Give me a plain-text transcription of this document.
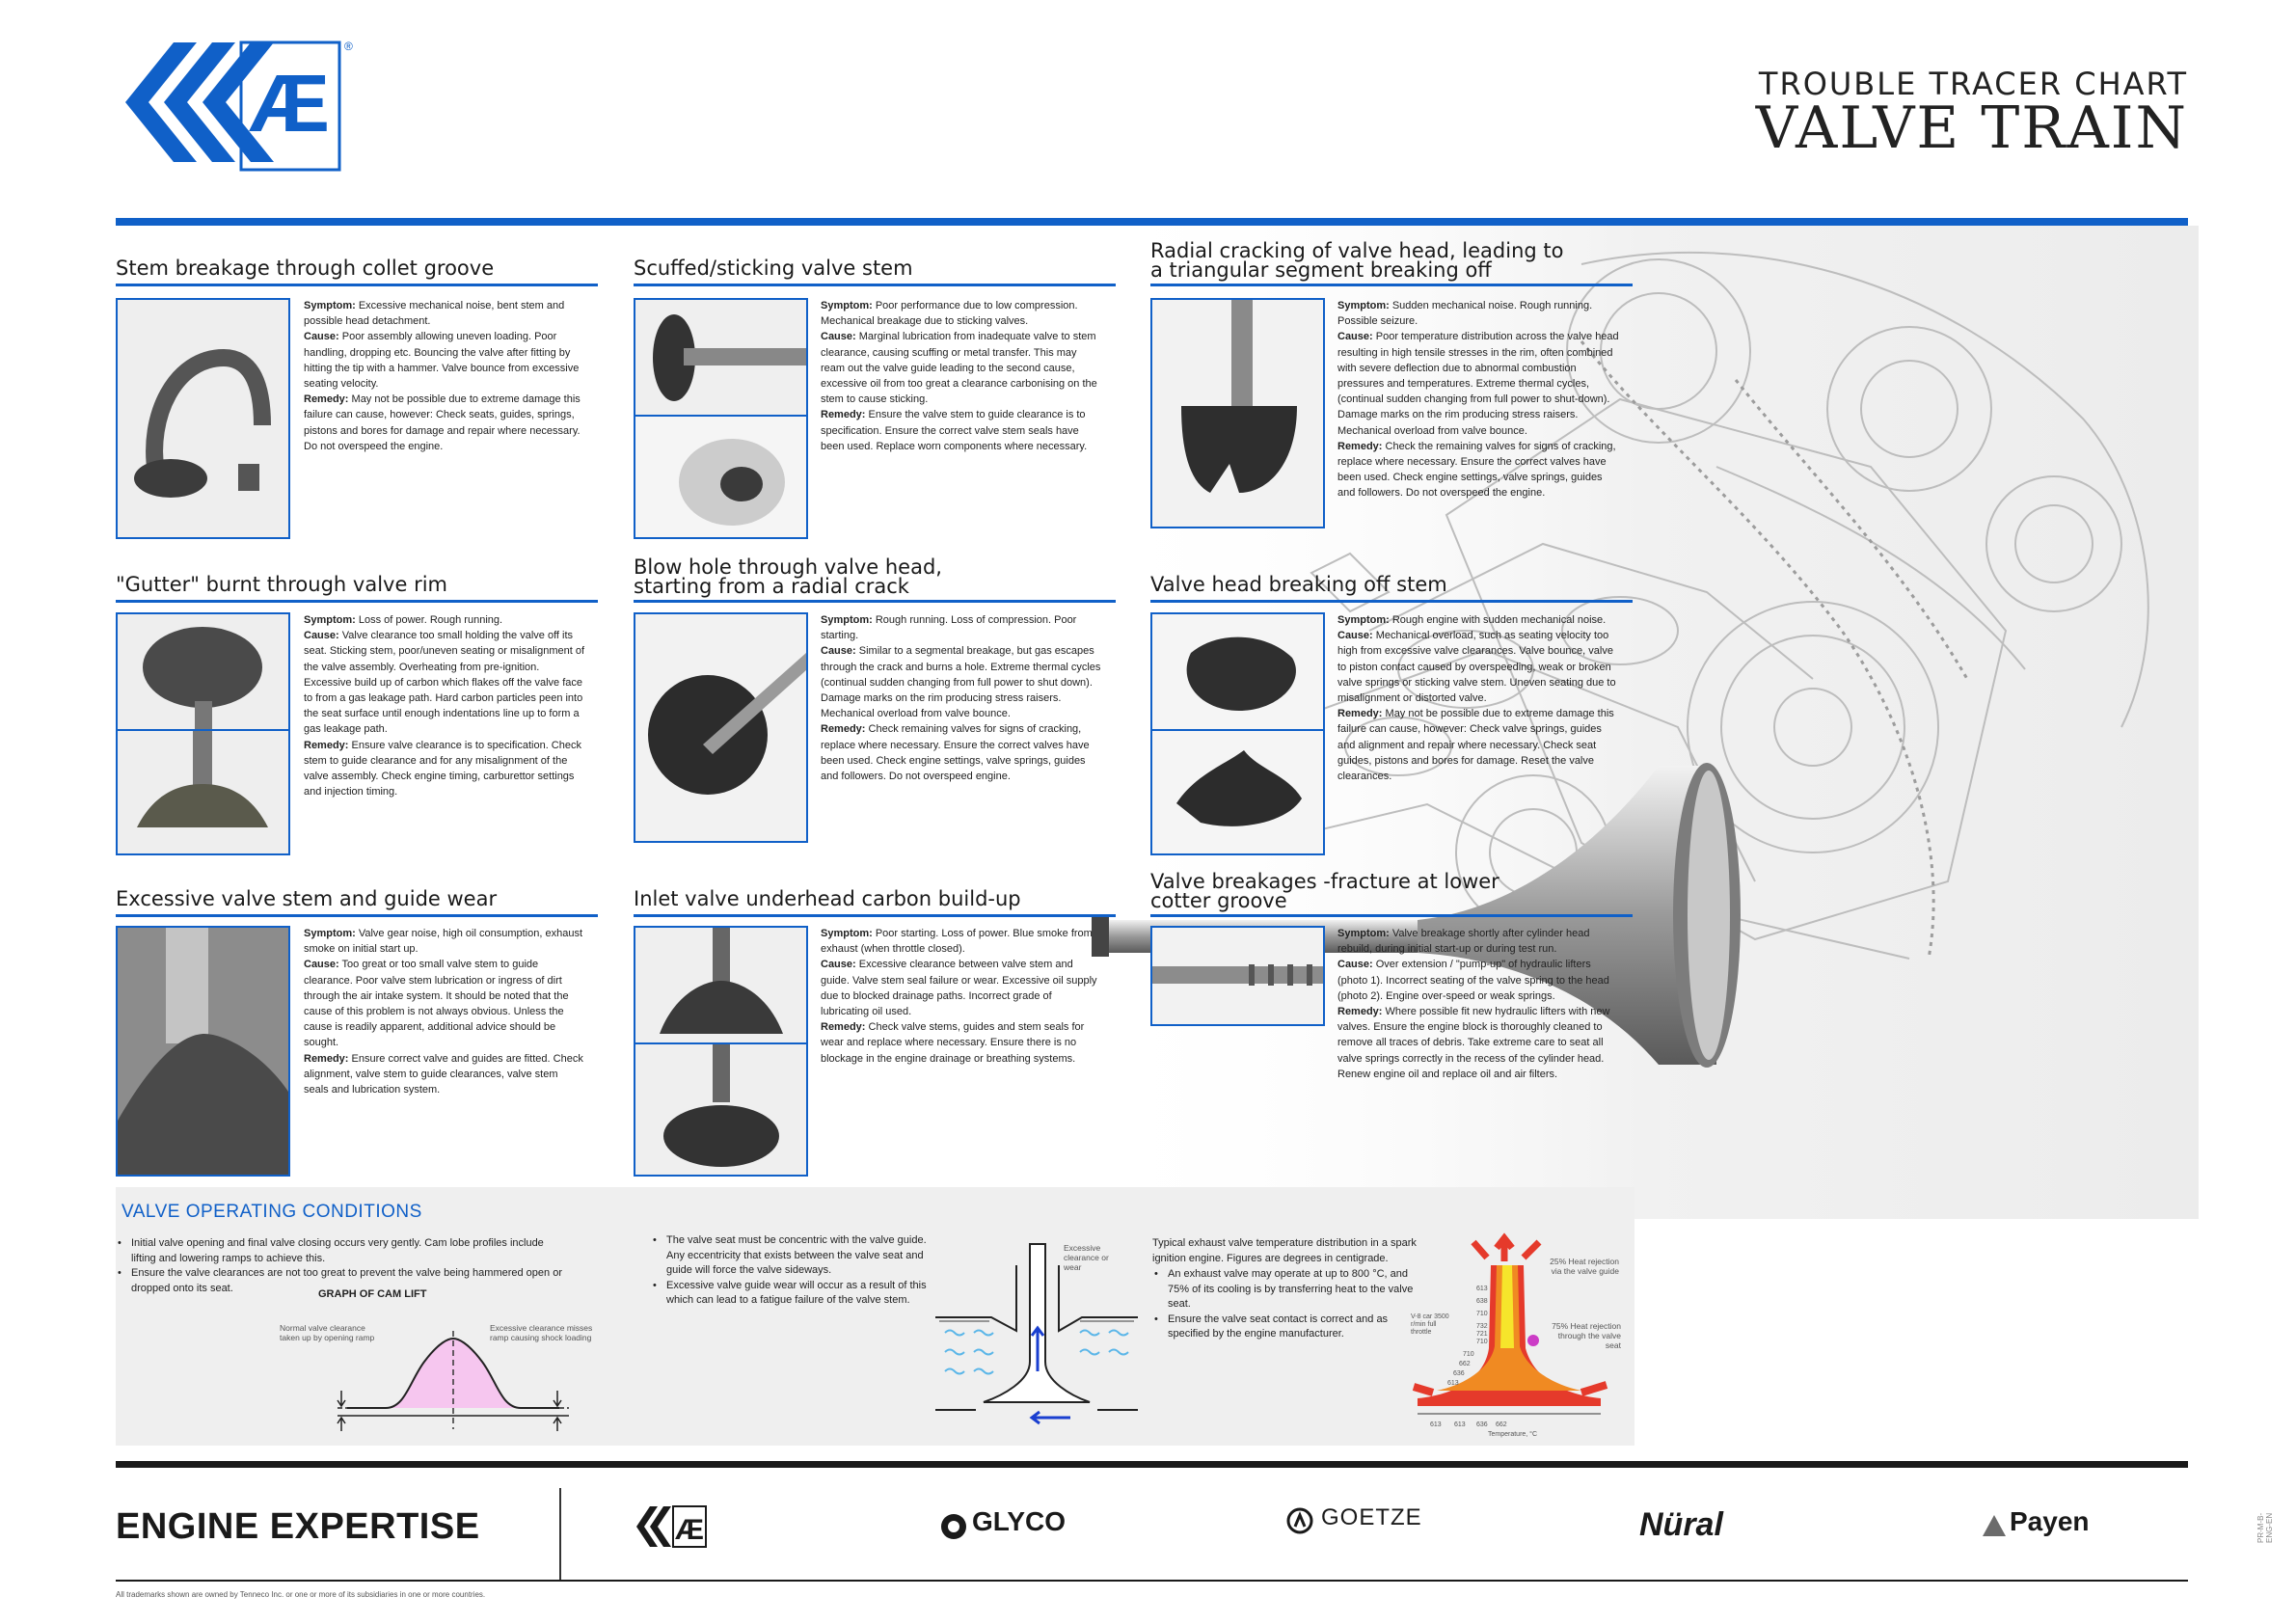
Æ
®
TROUBLE TRACER CHART
VALVE TRAIN
Stem breakage through collet groove

Symptom: Excessive mechanical noise, bent stem and possible head detachment.

Cause: Poor assembly allowing uneven loading. Poor handling, dropping etc. Bouncing the valve after fitting by hitting the tip with a hammer. Valve bounce from excessive seating velocity.

Remedy: May not be possible due to extreme damage this failure can cause, however: Check seats, guides, springs, pistons and bores for damage and repair where necessary.

Do not overspeed the engine.

Scuffed/sticking valve stem

Symptom: Poor performance due to low compression. Mechanical breakage due to sticking valves.

Cause: Marginal lubrication from inadequate valve to stem clearance, causing scuffing or metal transfer. This may ream out the valve guide leading to the second cause, excessive oil from too great a clearance carbonising on the stem to cause sticking.

Remedy: Ensure the valve stem to guide clearance is to specification. Ensure the correct valve stem seals have been used. Replace worn components where necessary.

Radial cracking of valve head, leading to
a triangular segment breaking off

Symptom: Sudden mechanical noise. Rough running. Possible seizure.

Cause: Poor temperature distribution across the valve head resulting in high tensile stresses in the rim, often combined with severe deflection due to abnormal combustion pressures and temperatures. Extreme thermal cycles, (continual sudden changing from full power to shut-down). Damage marks on the rim producing stress raisers. Mechanical overload from valve bounce.

Remedy: Check the remaining valves for signs of cracking, replace where necessary. Ensure the correct valves have been used. Check engine settings, valve springs, guides and followers. Do not overspeed the engine.

"Gutter" burnt through valve rim

Symptom: Loss of power. Rough running.

Cause: Valve clearance too small holding the valve off its seat. Sticking stem, poor/uneven seating or misalignment of the valve assembly. Overheating from pre-ignition. Excessive build up of carbon which flakes off the valve face to from a gas leakage path. Hard carbon particles peen into the seat surface until enough indentations line up to form a gas leakage path.

Remedy: Ensure valve clearance is to specification. Check stem to guide clearance and for any misalignment of the valve assembly. Check engine timing, carburettor settings and injection timing.

Blow hole through valve head,
starting from a radial crack

Symptom: Rough running. Loss of compression. Poor starting.

Cause: Similar to a segmental breakage, but gas escapes through the crack and burns a hole. Extreme thermal cycles (continual sudden changing from full power to shut down). Damage marks on the rim producing stress raisers. Mechanical overload from valve bounce.

Remedy: Check remaining valves for signs of cracking, replace where necessary. Ensure the correct valves have been used. Check engine settings, valve springs, guides and followers. Do not overspeed engine.

Valve head breaking off stem

Symptom: Rough engine with sudden mechanical noise.

Cause: Mechanical overload, such as seating velocity too high from excessive valve clearances. Valve bounce, valve to piston contact caused by overspeeding, weak or broken valve springs or sticking valve stem. Uneven seating due to misalignment or distorted valve.

Remedy: May not be possible due to extreme damage this failure can cause, however: Check valve springs, guides and alignment and repair where necessary. Check seat guides, pistons and bores for damage. Reset the valve clearances.

Excessive valve stem and guide wear

Symptom: Valve gear noise, high oil consumption, exhaust smoke on initial start up.

Cause: Too great or too small valve stem to guide clearance. Poor valve stem lubrication or ingress of dirt through the air intake system. It should be noted that the cause of this problem is not always obvious. Unless the cause is readily apparent, additional advice should be sought.

Remedy: Ensure correct valve and guides are fitted. Check alignment, valve stem to guide clearances, valve stem seals and lubrication system.

Inlet valve underhead carbon build-up

Symptom: Poor starting. Loss of power. Blue smoke from exhaust (when throttle closed).

Cause: Excessive clearance between valve stem and guide. Valve stem seal failure or wear. Excessive oil supply due to blocked drainage paths. Incorrect grade of lubricating oil used.

Remedy: Check valve stems, guides and stem seals for wear and replace where necessary. Ensure there is no blockage in the engine drainage or breathing systems.

Valve breakages -fracture at lower
cotter groove

Symptom: Valve breakage shortly after cylinder head rebuild, during initial start-up or during test run.

Cause: Over extension / "pump-up" of hydraulic lifters (photo 1). Incorrect seating of the valve spring to the head (photo 2). Engine over-speed or weak springs.

Remedy: Where possible fit new hydraulic lifters with new valves. Ensure the engine block is thoroughly cleaned to remove all traces of debris. Take extreme care to seat all valve springs correctly in the recess of the cylinder head. Renew engine oil and replace oil and air filters.

VALVE OPERATING CONDITIONS
• Initial valve opening and final valve closing occurs very gently. Cam lobe profiles include lifting and lowering ramps to achieve this.
• Ensure the valve clearances are not too great to prevent the valve being hammered open or dropped onto its seat.
GRAPH OF CAM LIFT
Normal valve clearance taken up by opening ramp
Excessive clearance misses ramp causing shock loading
• The valve seat must be concentric with the valve guide. Any eccentricity that exists between the valve seat and guide will force the valve sideways.
• Excessive valve guide wear will occur as a result of this which can lead to a fatigue failure of the valve stem.
Excessive clearance or wear
Typical exhaust valve temperature distribution in a spark ignition engine. Figures are degrees in centigrade.
• An exhaust valve may operate at up to 800 °C, and 75% of its cooling is by transferring heat to the valve seat.
• Ensure the valve seat contact is correct and as specified by the engine manufacturer.
25% Heat rejection via the valve guide
75% Heat rejection through the valve seat
V-8 car 3500 r/min full throttle
613
638
710
732
721
710
710
662
636
613
613 613 636 662
Temperature, °C
ENGINE EXPERTISE	Æ	GLYCO	GOETZE	Nüral	Payen
All trademarks shown are owned by Tenneco Inc. or one or more of its subsidiaries in one or more countries.
PR-M-B-ENG-EN
